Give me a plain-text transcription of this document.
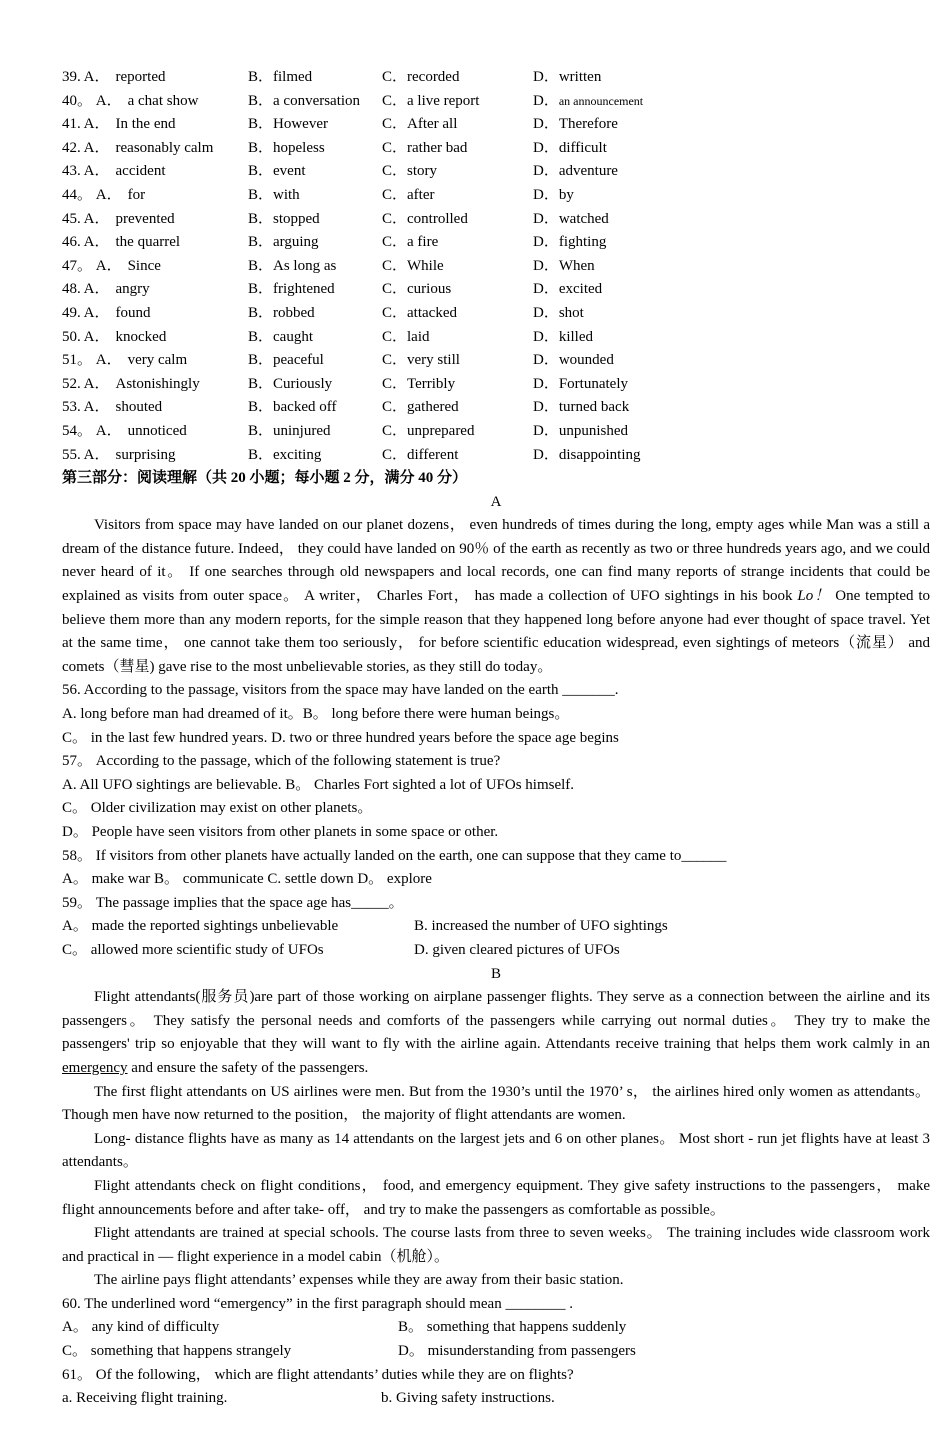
39. A． reported	B．filmed	C．recorded	D．written
40。 A． a chat show	B．a conversation	C．a live report	D．an announcement
41. A． In the end	B．However	C．After all	D．Therefore
42. A． reasonably calm	B．hopeless	C．rather bad	D．difficult
43. A． accident	B．event	C．story	D．adventure
44。 A． for	B．with	C．after	D．by
45. A． prevented	B．stopped	C．controlled	D．watched
46. A． the quarrel	B．arguing	C．a fire	D．fighting
47。 A． Since	B．As long as	C．While	D．When
48. A． angry	B．frightened	C．curious	D．excited
49. A． found	B．robbed	C．attacked	D．shot
50. A． knocked	B．caught	C．laid	D．killed
51。 A． very calm	B．peaceful	C．very still	D．wounded
52. A． Astonishingly	B．Curiously	C．Terribly	D．Fortunately
53. A． shouted	B．backed off	C．gathered	D．turned back
54。 A． unnoticed	B．uninjured	C．unprepared	D．unpunished
55. A． surprising	B．exciting	C．different	D．disappointing
第三部分：阅读理解（共 20 小题；每小题 2 分，满分 40 分）
A

Visitors from space may have landed on our planet dozens， even hundreds of times during the long, empty ages while Man was a still a dream of the distance future. Indeed， they could have landed on 90％ of the earth as recently as two or three hundreds years ago, and we could never heard of it。 If one searches through old newspapers and local records, one can find many reports of strange incidents that could be explained as visits from outer space。 A writer， Charles Fort， has made a collection of UFO sightings in his book Lo！ One tempted to believe them more than any modern reports, for the simple reason that they happened long before anyone had ever thought of space travel. Yet at the same time， one cannot take them too seriously， for before scientific education widespread, even sightings of meteors（流星） and comets（彗星) gave rise to the most unbelievable stories, as they still do today。

56. According to the passage, visitors from the space may have landed on the earth _______.
A. long before man had dreamed of it。B。 long before there were human beings。
C。 in the last few hundred years. D. two or three hundred years before the space age begins
57。 According to the passage, which of the following statement is true?
A. All UFO sightings are believable. B。 Charles Fort sighted a lot of UFOs himself.
C。 Older civilization may exist on other planets。
D。 People have seen visitors from other planets in some space or other.
58。 If visitors from other planets have actually landed on the earth, one can suppose that they came to______
A。 make war B。 communicate C. settle down D。 explore
59。 The passage implies that the space age has_____。
A。 made the reported sightings unbelievable	B. increased the number of UFO sightings
C。 allowed more scientific study of UFOs	D. given cleared pictures of UFOs
B

Flight attendants(服务员)are part of those working on airplane passenger flights. They serve as a connection between the airline and its passengers。 They satisfy the personal needs and comforts of the passengers while carrying out normal duties。 They try to make the passengers' trip so enjoyable that they will want to fly with the airline again. Attendants receive training that helps them work calmly in an emergency and ensure the safety of the passengers.

The first flight attendants on US airlines were men. But from the 1930’s until the 1970’ s， the airlines hired only women as attendants。 Though men have now returned to the position， the majority of flight attendants are women.

Long- distance flights have as many as 14 attendants on the largest jets and 6 on other planes。 Most short - run jet flights have at least 3 attendants。

Flight attendants check on flight conditions， food, and emergency equipment. They give safety instructions to the passengers， make flight announcements before and after take- off， and try to make the passengers as comfortable as possible。

Flight attendants are trained at special schools. The course lasts from three to seven weeks。 The training includes wide classroom work and practical in — flight experience in a model cabin（机舱）。

The airline pays flight attendants’ expenses while they are away from their basic station.

60. The underlined word “emergency” in the first paragraph should mean ________ .
A。 any kind of difficulty	B。 something that happens suddenly
C。 something that happens strangely	D。 misunderstanding from passengers
61。 Of the following， which are flight attendants’ duties while they are on flights?
a. Receiving flight training.	b. Giving safety instructions.
